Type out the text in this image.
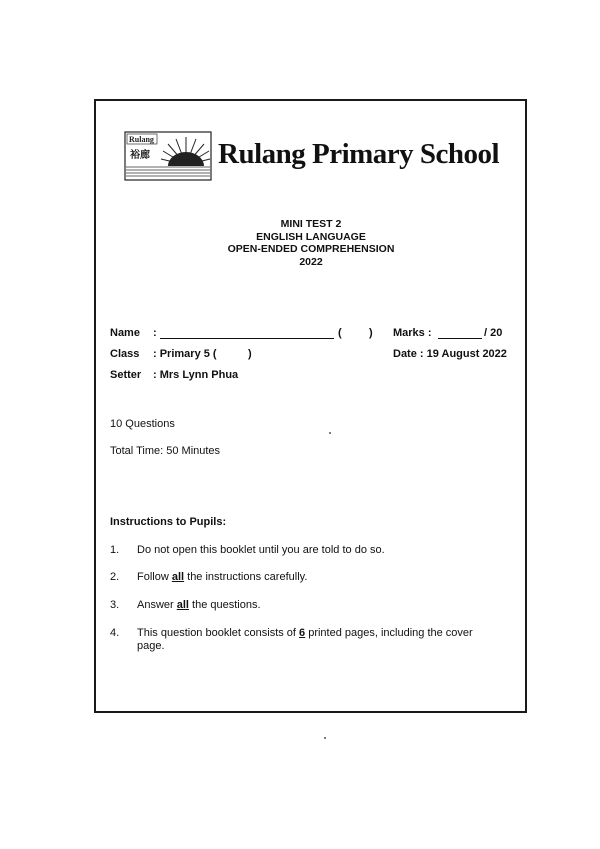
Rulang
裕廊 Rulang Primary School
MINI TEST 2
ENGLISH LANGUAGE
OPEN-ENDED COMPREHENSION
2022
Name :	( ) Marks :	/ 20
Class : Primary 5 (	)	Date : 19 August 2022
Setter : Mrs Lynn Phua
10 Questions
Total Time: 50 Minutes
Instructions to Pupils:
1. Do not open this booklet until you are told to do so.
2. Follow all the instructions carefully.
3. Answer all the questions.
4. This question booklet consists of 6 printed pages, including the cover page.
